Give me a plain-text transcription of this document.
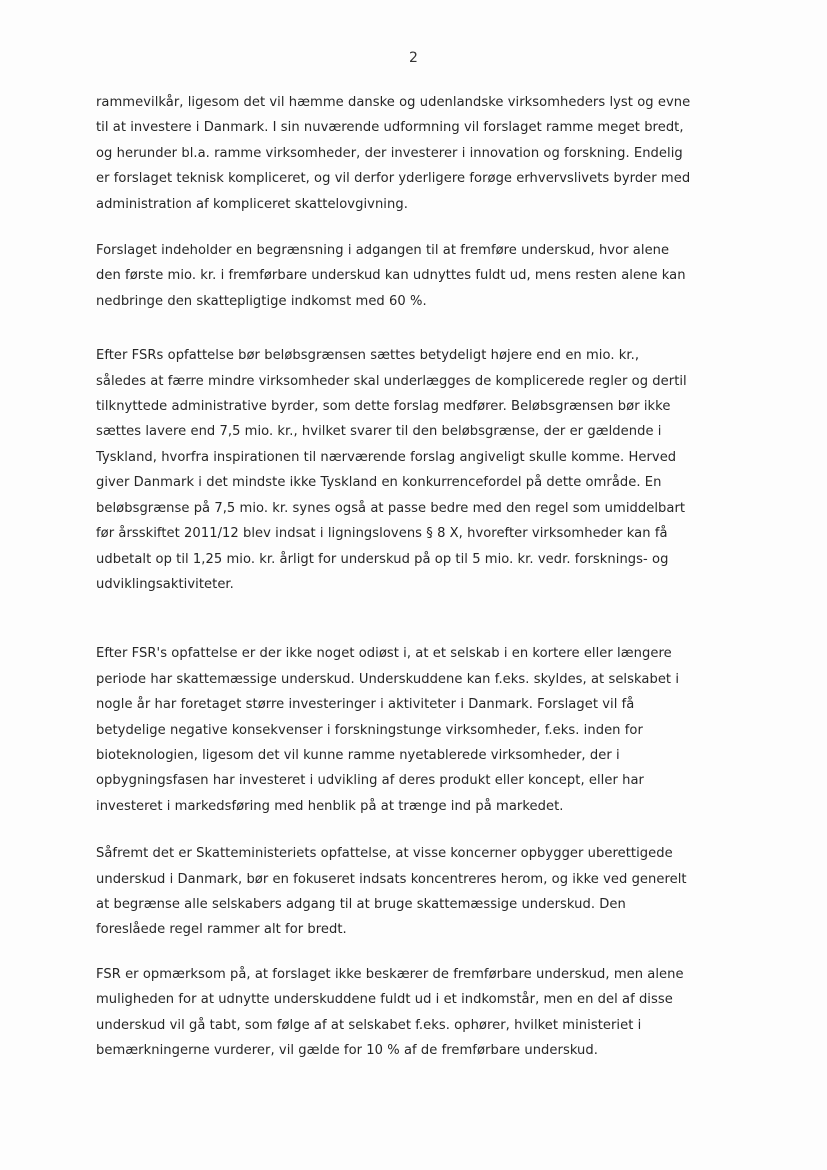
2

rammevilkår, ligesom det vil hæmme danske og udenlandske virksomheders lyst og evne
til at investere i Danmark. I sin nuværende udformning vil forslaget ramme meget bredt,
og herunder bl.a. ramme virksomheder, der investerer i innovation og forskning. Endelig
er forslaget teknisk kompliceret, og vil derfor yderligere forøge erhvervslivets byrder med
administration af kompliceret skattelovgivning.

Forslaget indeholder en begrænsning i adgangen til at fremføre underskud, hvor alene
den første mio. kr. i fremførbare underskud kan udnyttes fuldt ud, mens resten alene kan
nedbringe den skattepligtige indkomst med 60 %.

Efter FSRs opfattelse bør beløbsgrænsen sættes betydeligt højere end en mio. kr.,
således at færre mindre virksomheder skal underlægges de komplicerede regler og dertil
tilknyttede administrative byrder, som dette forslag medfører. Beløbsgrænsen bør ikke
sættes lavere end 7,5 mio. kr., hvilket svarer til den beløbsgrænse, der er gældende i
Tyskland, hvorfra inspirationen til nærværende forslag angiveligt skulle komme. Herved
giver Danmark i det mindste ikke Tyskland en konkurrencefordel på dette område. En
beløbsgrænse på 7,5 mio. kr. synes også at passe bedre med den regel som umiddelbart
før årsskiftet 2011/12 blev indsat i ligningslovens § 8 X, hvorefter virksomheder kan få
udbetalt op til 1,25 mio. kr. årligt for underskud på op til 5 mio. kr. vedr. forsknings- og
udviklingsaktiviteter.

Efter FSR's opfattelse er der ikke noget odiøst i, at et selskab i en kortere eller længere
periode har skattemæssige underskud. Underskuddene kan f.eks. skyldes, at selskabet i
nogle år har foretaget større investeringer i aktiviteter i Danmark. Forslaget vil få
betydelige negative konsekvenser i forskningstunge virksomheder, f.eks. inden for
bioteknologien, ligesom det vil kunne ramme nyetablerede virksomheder, der i
opbygningsfasen har investeret i udvikling af deres produkt eller koncept, eller har
investeret i markedsføring med henblik på at trænge ind på markedet.

Såfremt det er Skatteministeriets opfattelse, at visse koncerner opbygger uberettigede
underskud i Danmark, bør en fokuseret indsats koncentreres herom, og ikke ved generelt
at begrænse alle selskabers adgang til at bruge skattemæssige underskud. Den
foreslåede regel rammer alt for bredt.

FSR er opmærksom på, at forslaget ikke beskærer de fremførbare underskud, men alene
muligheden for at udnytte underskuddene fuldt ud i et indkomstår, men en del af disse
underskud vil gå tabt, som følge af at selskabet f.eks. ophører, hvilket ministeriet i
bemærkningerne vurderer, vil gælde for 10 % af de fremførbare underskud.
